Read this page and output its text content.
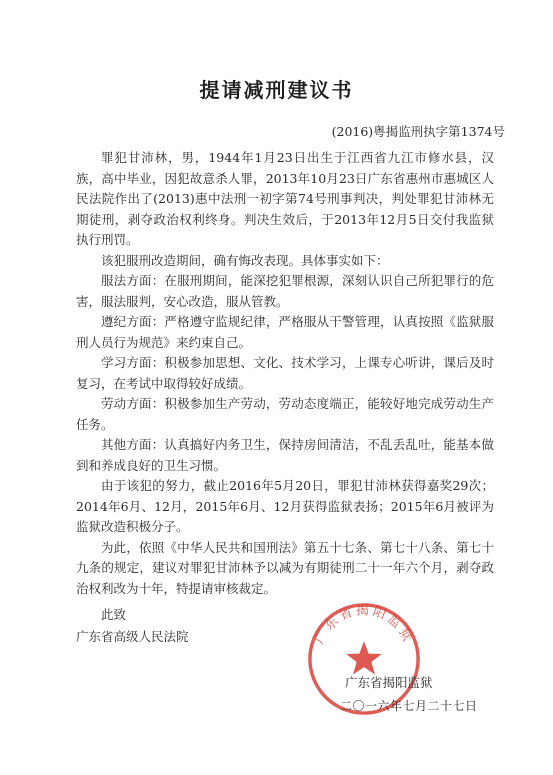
提请减刑建议书
(2016)粤揭监刑执字第1374号

罪犯甘沛林，男，1944年1月23日出生于江西省九江市修水县，汉族，高中毕业，因犯故意杀人罪，2013年10月23日广东省惠州市惠城区人民法院作出了(2013)惠中法刑一初字第74号刑事判决，判处罪犯甘沛林无期徒刑，剥夺政治权利终身。判决生效后，于2013年12月5日交付我监狱执行刑罚。

该犯服刑改造期间，确有悔改表现。具体事实如下：

服法方面：在服刑期间，能深挖犯罪根源，深刻认识自己所犯罪行的危害，服法服判，安心改造，服从管教。

遵纪方面：严格遵守监规纪律，严格服从干警管理，认真按照《监狱服刑人员行为规范》来约束自己。

学习方面：积极参加思想、文化、技术学习，上课专心听讲，课后及时复习，在考试中取得较好成绩。

劳动方面：积极参加生产劳动，劳动态度端正，能较好地完成劳动生产任务。

其他方面：认真搞好内务卫生，保持房间清洁，不乱丢乱吐，能基本做到和养成良好的卫生习惯。

由于该犯的努力，截止2016年5月20日，罪犯甘沛林获得嘉奖29次；2014年6月、12月，2015年6月、12月获得监狱表扬；2015年6月被评为监狱改造积极分子。

为此，依照《中华人民共和国刑法》第五十七条、第七十八条、第七十九条的规定，建议对罪犯甘沛林予以减为有期徒刑二十一年六个月，剥夺政治权利改为十年，特提请审核裁定。

此致
广东省高级人民法院	广东省揭阳监狱
广东省揭阳监狱
二〇一六年七月二十七日
